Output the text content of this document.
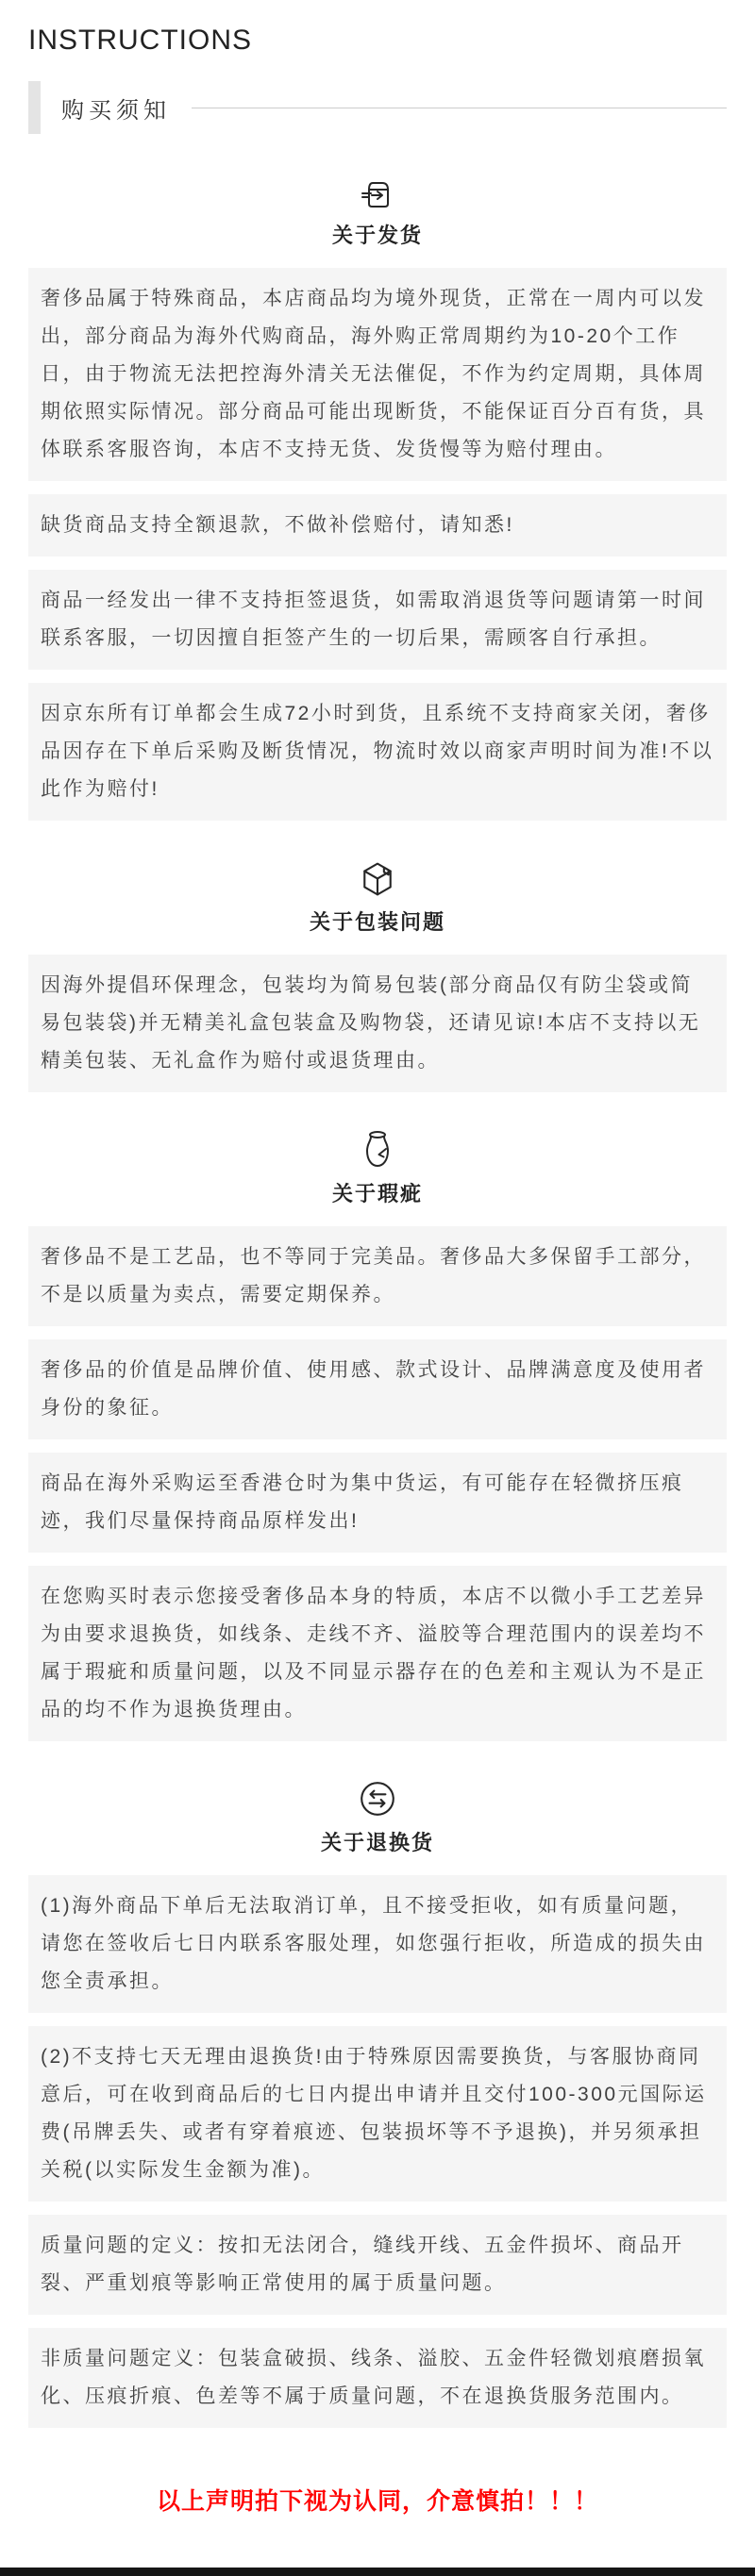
INSTRUCTIONS
购买须知
关于发货
奢侈品属于特殊商品，本店商品均为境外现货，正常在一周内可以发出，部分商品为海外代购商品，海外购正常周期约为10-20个工作日，由于物流无法把控海外清关无法催促，不作为约定周期，具体周期依照实际情况。部分商品可能出现断货，不能保证百分百有货，具体联系客服咨询，本店不支持无货、发货慢等为赔付理由。
缺货商品支持全额退款，不做补偿赔付，请知悉!
商品一经发出一律不支持拒签退货，如需取消退货等问题请第一时间联系客服，一切因擅自拒签产生的一切后果，需顾客自行承担。
因京东所有订单都会生成72小时到货，且系统不支持商家关闭，奢侈品因存在下单后采购及断货情况，物流时效以商家声明时间为准!不以此作为赔付!
关于包装问题
因海外提倡环保理念，包装均为简易包装(部分商品仅有防尘袋或简易包装袋)并无精美礼盒包装盒及购物袋，还请见谅!本店不支持以无精美包装、无礼盒作为赔付或退货理由。
关于瑕疵
奢侈品不是工艺品，也不等同于完美品。奢侈品大多保留手工部分，不是以质量为卖点，需要定期保养。
奢侈品的价值是品牌价值、使用感、款式设计、品牌满意度及使用者身份的象征。
商品在海外采购运至香港仓时为集中货运，有可能存在轻微挤压痕迹，我们尽量保持商品原样发出!
在您购买时表示您接受奢侈品本身的特质，本店不以微小手工艺差异为由要求退换货，如线条、走线不齐、溢胶等合理范围内的误差均不属于瑕疵和质量问题，以及不同显示器存在的色差和主观认为不是正品的均不作为退换货理由。
关于退换货
(1)海外商品下单后无法取消订单，且不接受拒收，如有质量问题，请您在签收后七日内联系客服处理，如您强行拒收，所造成的损失由您全责承担。
(2)不支持七天无理由退换货!由于特殊原因需要换货，与客服协商同意后，可在收到商品后的七日内提出申请并且交付100-300元国际运费(吊牌丢失、或者有穿着痕迹、包装损坏等不予退换)，并另须承担关税(以实际发生金额为准)。
质量问题的定义：按扣无法闭合，缝线开线、五金件损坏、商品开裂、严重划痕等影响正常使用的属于质量问题。
非质量问题定义：包装盒破损、线条、溢胶、五金件轻微划痕磨损氧化、压痕折痕、色差等不属于质量问题，不在退换货服务范围内。
以上声明拍下视为认同，介意慎拍！！！
